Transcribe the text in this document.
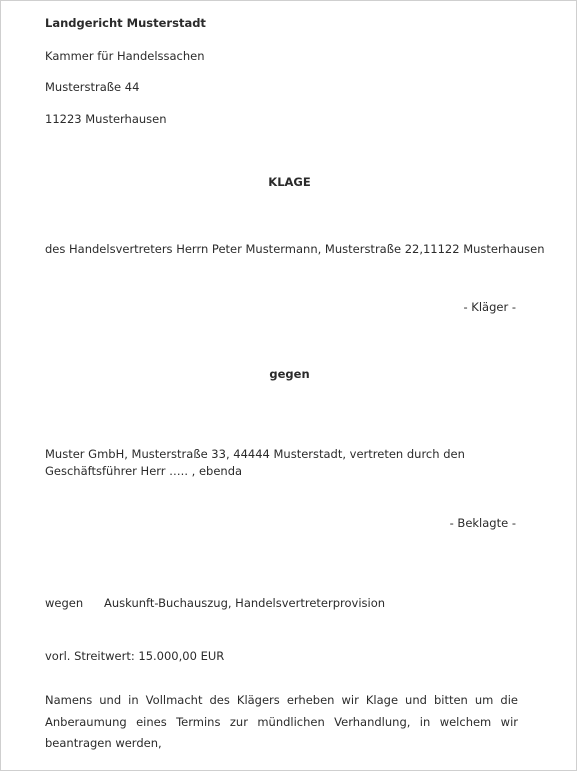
Landgericht Musterstadt
Kammer für Handelssachen
Musterstraße 44
11223 Musterhausen
KLAGE
des Handelsvertreters Herrn Peter Mustermann, Musterstraße 22,11122 Musterhausen
- Kläger -
gegen
Muster GmbH, Musterstraße 33, 44444 Musterstadt, vertreten durch den
Geschäftsführer Herr ….. , ebenda
- Beklagte -
wegen Auskunft-Buchauszug, Handelsvertreterprovision
vorl. Streitwert: 15.000,00 EUR
Namens und in Vollmacht des Klägers erheben wir Klage und bitten um die Anberaumung eines Termins zur mündlichen Verhandlung, in welchem wir beantragen werden,
